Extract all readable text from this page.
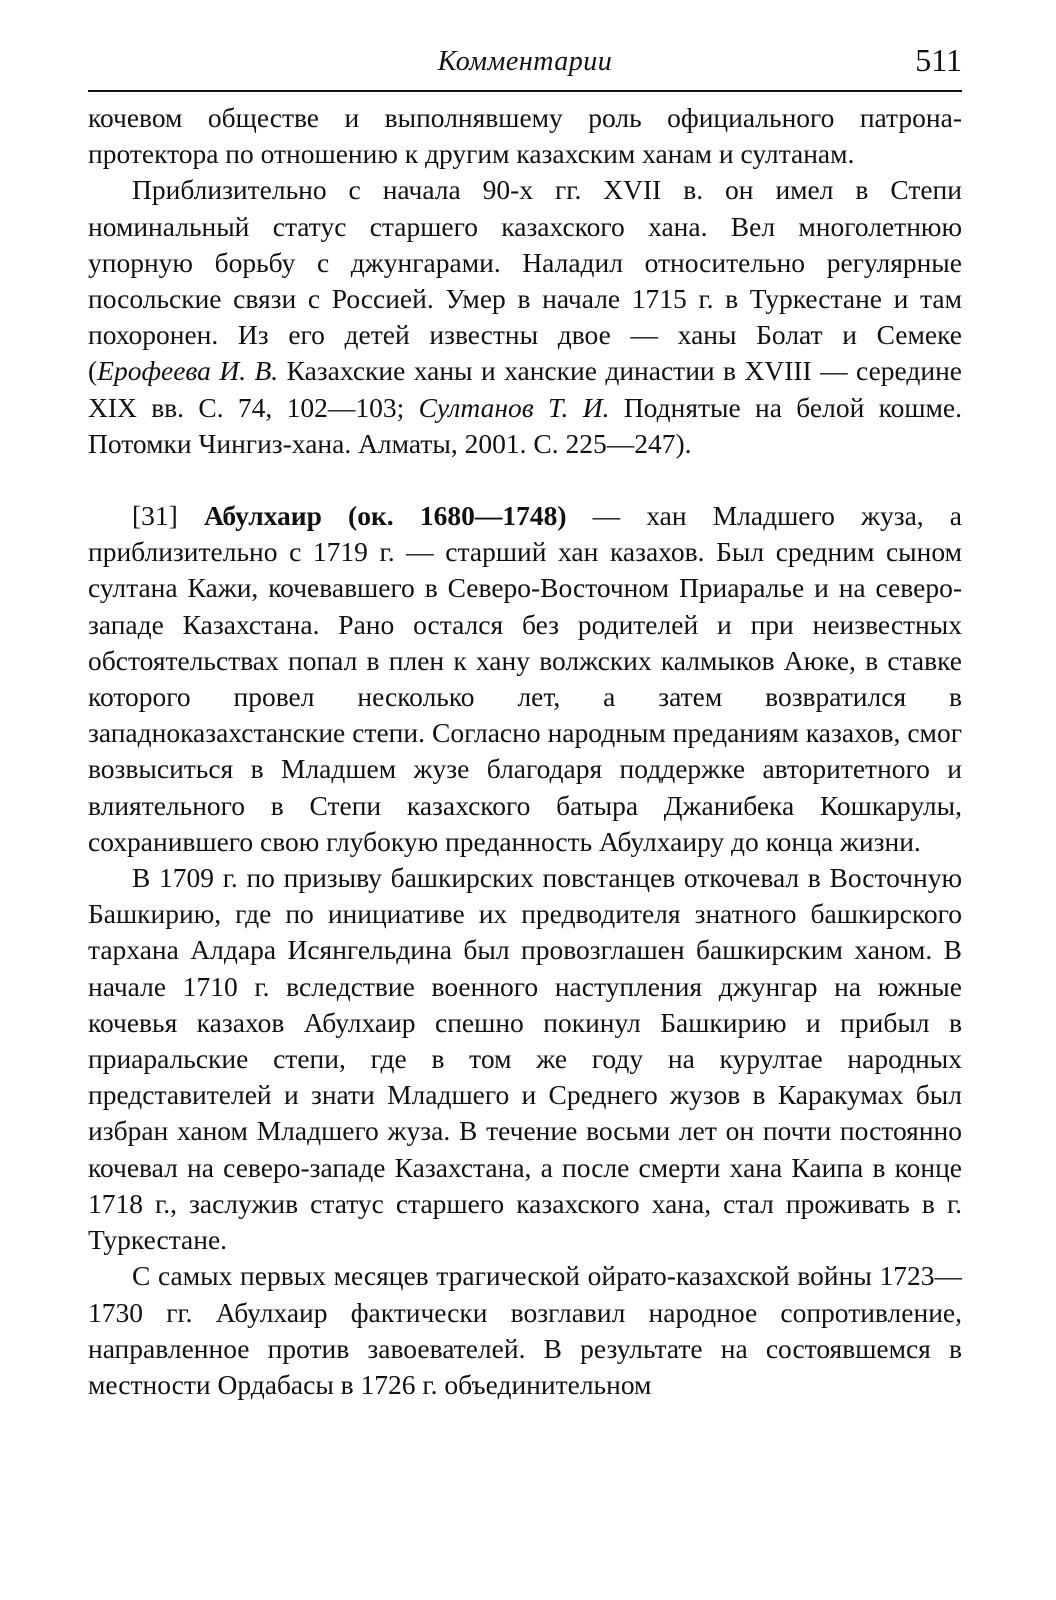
Комментарии	511

кочевом обществе и выполнявшему роль официального патрона-протектора по отношению к другим казахским ханам и султанам.

Приблизительно с начала 90-х гг. XVII в. он имел в Степи номинальный статус старшего казахского хана. Вел многолетнюю упорную борьбу с джунгарами. Наладил относительно регулярные посольские связи с Россией. Умер в начале 1715 г. в Туркестане и там похоронен. Из его детей известны двое — ханы Болат и Семеке (Ерофеева И. В. Казахские ханы и ханские династии в XVIII — середине XIX вв. С. 74, 102—103; Султанов Т. И. Поднятые на белой кошме. Потомки Чингиз-хана. Алматы, 2001. С. 225—247).

[31] Абулхаир (ок. 1680—1748) — хан Младшего жуза, а приблизительно с 1719 г. — старший хан казахов. Был средним сыном султана Кажи, кочевавшего в Северо-Восточном Приаралье и на северо-западе Казахстана. Рано остался без родителей и при неизвестных обстоятельствах попал в плен к хану волжских калмыков Аюке, в ставке которого провел несколько лет, а затем возвратился в западноказахстанские степи. Согласно народным преданиям казахов, смог возвыситься в Младшем жузе благодаря поддержке авторитетного и влиятельного в Степи казахского батыра Джанибека Кошкарулы, сохранившего свою глубокую преданность Абулхаиру до конца жизни.

В 1709 г. по призыву башкирских повстанцев откочевал в Восточную Башкирию, где по инициативе их предводителя знатного башкирского тархана Алдара Исянгельдина был провозглашен башкирским ханом. В начале 1710 г. вследствие военного наступления джунгар на южные кочевья казахов Абулхаир спешно покинул Башкирию и прибыл в приаральские степи, где в том же году на курултае народных представителей и знати Младшего и Среднего жузов в Каракумах был избран ханом Младшего жуза. В течение восьми лет он почти постоянно кочевал на северо-западе Казахстана, а после смерти хана Каипа в конце 1718 г., заслужив статус старшего казахского хана, стал проживать в г. Туркестане.

С самых первых месяцев трагической ойрато-казахской войны 1723—1730 гг. Абулхаир фактически возглавил народное сопротивление, направленное против завоевателей. В результате на состоявшемся в местности Ордабасы в 1726 г. объединительном
